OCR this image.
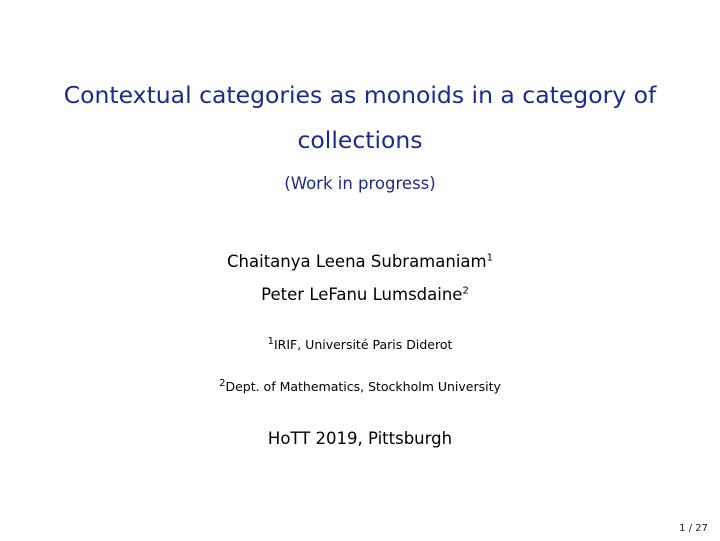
Contextual categories as monoids in a category of
collections
(Work in progress)
Chaitanya Leena Subramaniam$^1$
Peter LeFanu Lumsdaine$^2$
$^1$IRIF, Université Paris Diderot
$^2$Dept. of Mathematics, Stockholm University
HoTT 2019, Pittsburgh
1 / 27
